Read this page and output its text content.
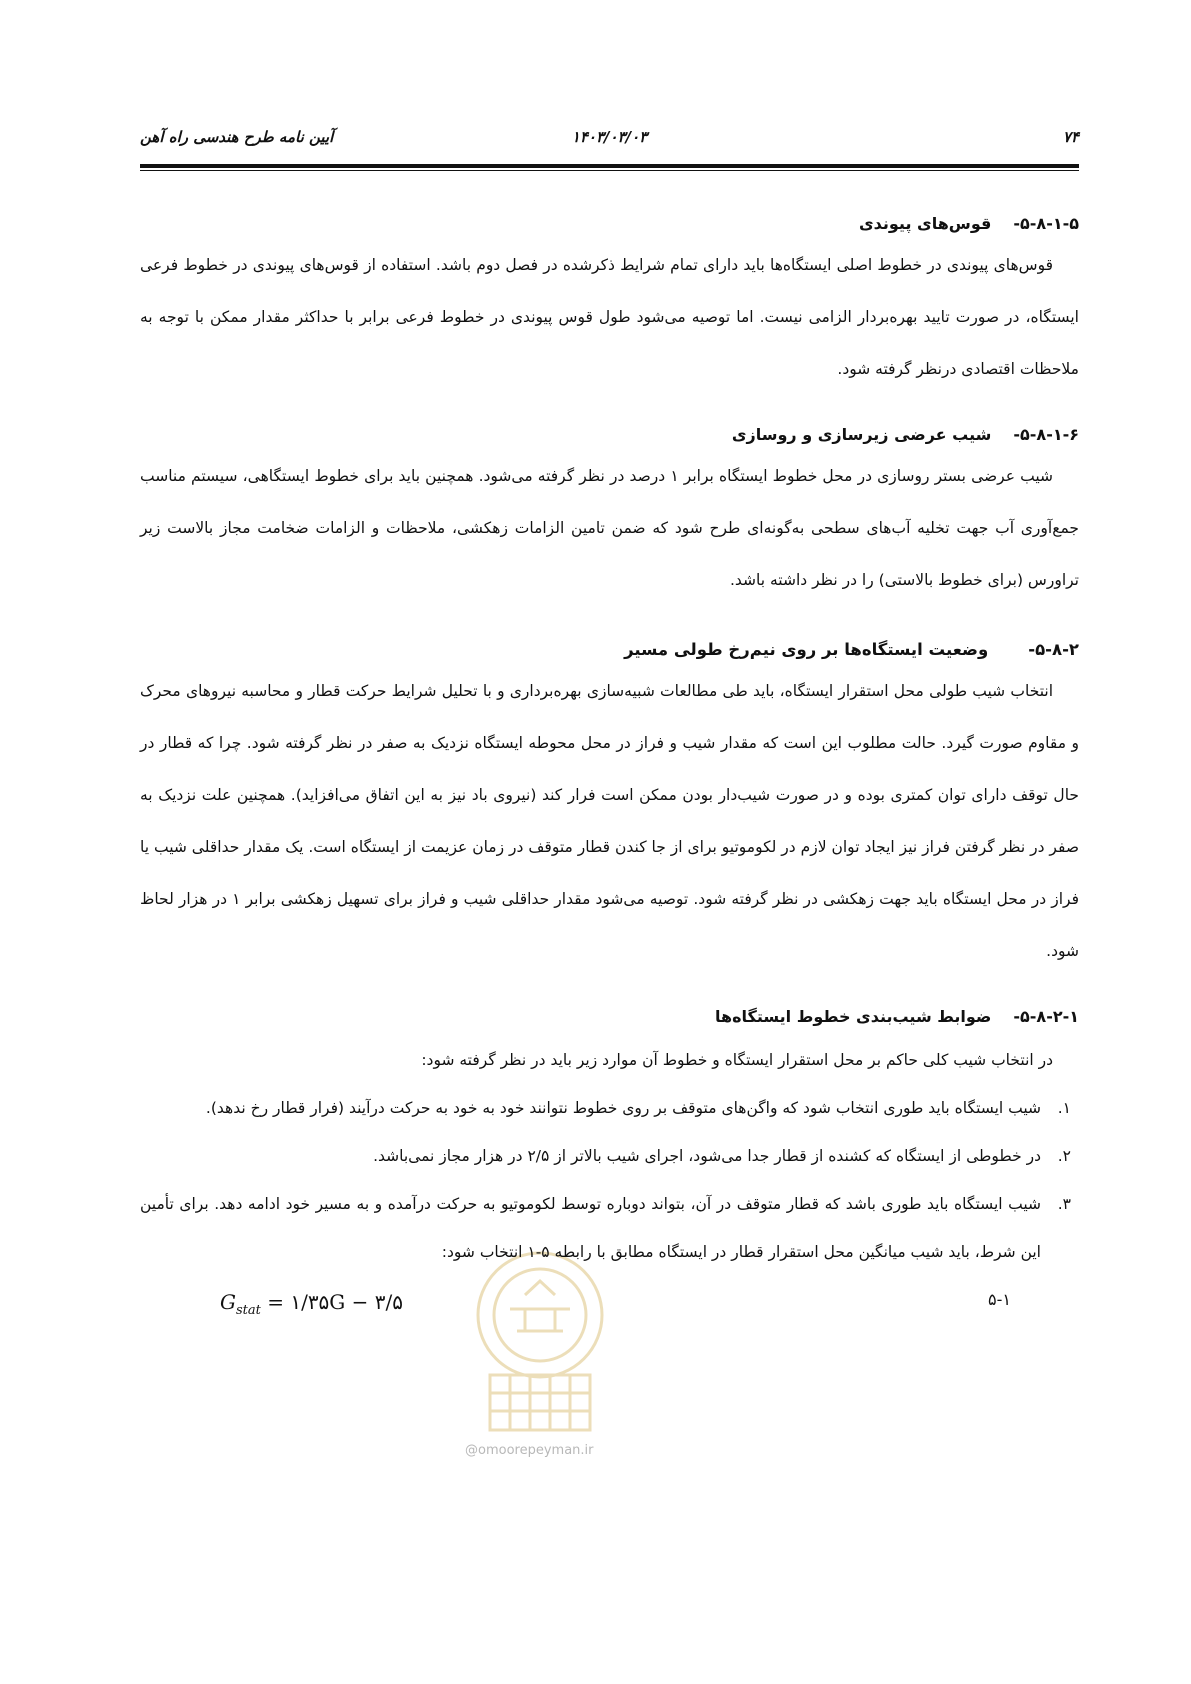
۷۴
۱۴۰۳/۰۳/۰۳
آیین نامه طرح هندسی راه آهن
@omoorepeyman.ir
۵-۸-۱-۵-قوس‌های پیوندی

قوس‌های پیوندی در خطوط اصلی ایستگاه‌ها باید دارای تمام شرایط ذکرشده در فصل دوم باشد. استفاده از قوس‌های پیوندی در خطوط فرعی ایستگاه، در صورت تایید بهره‌بردار الزامی نیست. اما توصیه می‌شود طول قوس پیوندی در خطوط فرعی برابر با حداکثر مقدار ممکن با توجه به ملاحظات اقتصادی درنظر گرفته شود.

۵-۸-۱-۶-شیب عرضی زیرسازی و روسازی

شیب عرضی بستر روسازی در محل خطوط ایستگاه برابر ۱ درصد در نظر گرفته می‌شود. همچنین باید برای خطوط ایستگاهی، سیستم مناسب جمع‌آوری آب جهت تخلیه آب‌های سطحی به‌گونه‌ای طرح شود که ضمن تامین الزامات زهکشی، ملاحظات و الزامات ضخامت مجاز بالاست زیر تراورس (برای خطوط بالاستی) را در نظر داشته باشد.

۵-۸-۲-وضعیت ایستگاه‌ها بر روی نیم‌رخ طولی مسیر

انتخاب شیب طولی محل استقرار ایستگاه، باید طی مطالعات شبیه‌سازی بهره‌برداری و با تحلیل شرایط حرکت قطار و محاسبه نیروهای محرک و مقاوم صورت گیرد. حالت مطلوب این است که مقدار شیب و فراز در محل محوطه ایستگاه نزدیک به صفر در نظر گرفته شود. چرا که قطار در حال توقف دارای توان کمتری بوده و در صورت شیب‌دار بودن ممکن است فرار کند (نیروی باد نیز به این اتفاق می‌افزاید). همچنین علت نزدیک به صفر در نظر گرفتن فراز نیز ایجاد توان لازم در لکوموتیو برای از جا کندن قطار متوقف در زمان عزیمت از ایستگاه است. یک مقدار حداقلی شیب یا فراز در محل ایستگاه باید جهت زهکشی در نظر گرفته شود. توصیه می‌شود مقدار حداقلی شیب و فراز برای تسهیل زهکشی برابر ۱ در هزار لحاظ شود.

۵-۸-۲-۱-ضوابط شیب‌بندی خطوط ایستگاه‌ها

در انتخاب شیب کلی حاکم بر محل استقرار ایستگاه و خطوط آن موارد زیر باید در نظر گرفته شود:

۱.
شیب ایستگاه باید طوری انتخاب شود که واگن‌های متوقف بر روی خطوط نتوانند خود به خود به حرکت درآیند (فرار قطار رخ ندهد).
۲.
در خطوطی از ایستگاه که کشنده از قطار جدا می‌شود، اجرای شیب بالاتر از ۲/۵ در هزار مجاز نمی‌باشد.
۳.
شیب ایستگاه باید طوری باشد که قطار متوقف در آن، بتواند دوباره توسط لکوموتیو به حرکت درآمده و به مسیر خود ادامه دهد. برای تأمین این شرط، باید شیب میانگین محل استقرار قطار در ایستگاه مطابق با رابطه ۵-۱ انتخاب شود:
۵-۱
$G_{stat}$ = ۱/۳۵G − ۳/۵
